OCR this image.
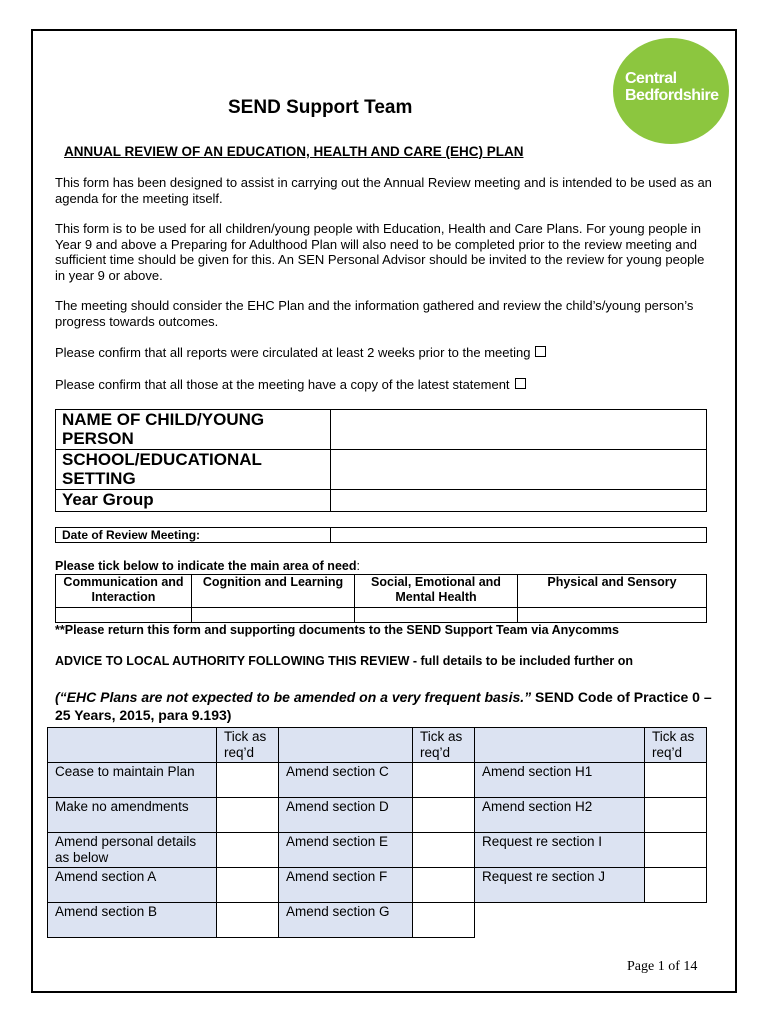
Central
Bedfordshire
SEND Support Team
ANNUAL REVIEW OF AN EDUCATION, HEALTH AND CARE (EHC) PLAN
This form has been designed to assist in carrying out the Annual Review meeting and is intended to be used as an agenda for the meeting itself.
This form is to be used for all children/young people with Education, Health and Care Plans. For young people in Year 9 and above a Preparing for Adulthood Plan will also need to be completed prior to the review meeting and sufficient time should be given for this. An SEN Personal Advisor should be invited to the review for young people in year 9 or above.
The meeting should consider the EHC Plan and the information gathered and review the child’s/young person’s progress towards outcomes.
Please confirm that all reports were circulated at least 2 weeks prior to the meeting
Please confirm that all those at the meeting have a copy of the latest statement
NAME OF CHILD/YOUNG PERSON	
SCHOOL/EDUCATIONAL SETTING	
Year Group	
Date of Review Meeting:	
Please tick below to indicate the main area of need:
Communication and Interaction	Cognition and Learning	Social, Emotional and Mental Health	Physical and Sensory

**Please return this form and supporting documents to the SEND Support Team via Anycomms
ADVICE TO LOCAL AUTHORITY FOLLOWING THIS REVIEW - full details to be included further on
(“EHC Plans are not expected to be amended on a very frequent basis.” SEND Code of Practice 0 – 25 Years, 2015, para 9.193)
	Tick as req’d		Tick as req’d		Tick as req’d
Cease to maintain Plan		Amend section C		Amend section H1	
Make no amendments		Amend section D		Amend section H2	
Amend personal details as below		Amend section E		Request re section I	
Amend section A		Amend section F		Request re section J	
Amend section B		Amend section G			
Page 1 of 14
